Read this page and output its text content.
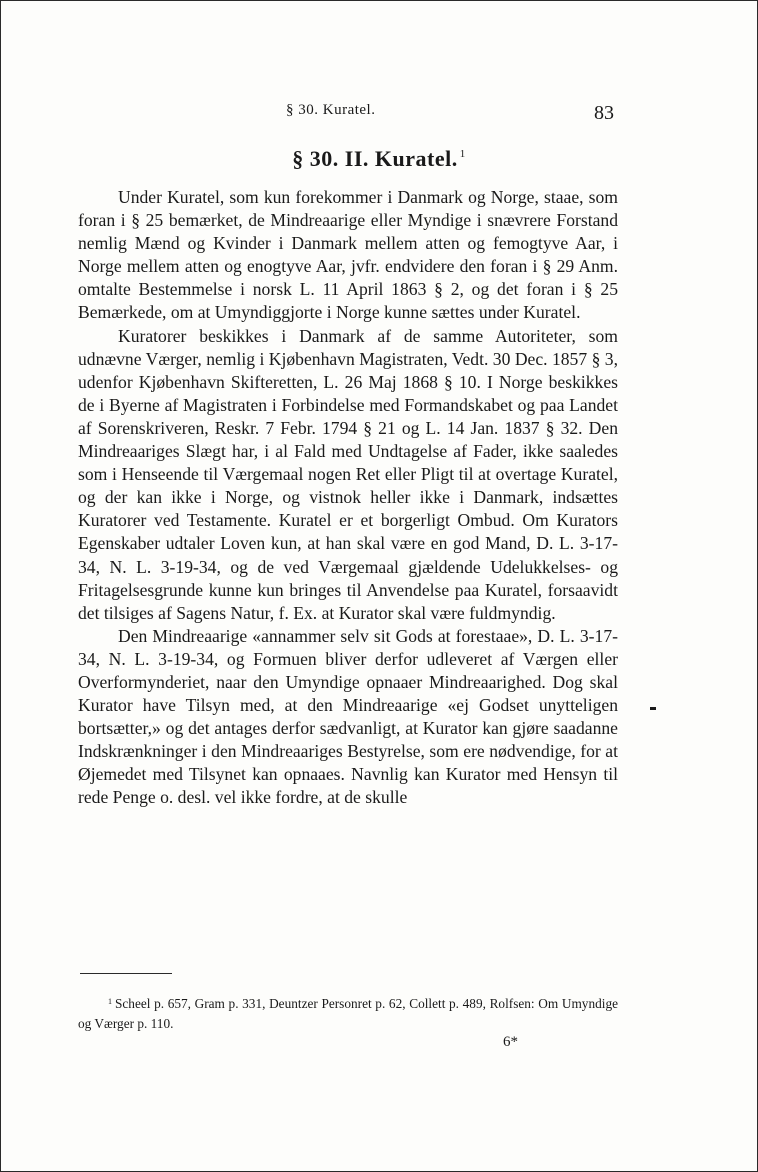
§ 30. Kuratel.	83
§ 30. II. Kuratel. $^1$

Under Kuratel, som kun forekommer i Danmark og Norge, staae, som foran i § 25 bemærket, de Mindreaarige eller Myndige i snævrere Forstand nemlig Mænd og Kvinder i Danmark mellem atten og femogtyve Aar, i Norge mellem atten og enogtyve Aar, jvfr. endvidere den foran i § 29 Anm. omtalte Bestemmelse i norsk L. 11 April 1863 § 2, og det foran i § 25 Bemærkede, om at Umyndiggjorte i Norge kunne sættes under Kuratel.

Kuratorer beskikkes i Danmark af de samme Autoriteter, som udnævne Værger, nemlig i Kjøbenhavn Magistraten, Vedt. 30 Dec. 1857 § 3, udenfor Kjøbenhavn Skifteretten, L. 26 Maj 1868 § 10. I Norge beskikkes de i Byerne af Magistraten i Forbindelse med Formandskabet og paa Landet af Sorenskriveren, Reskr. 7 Febr. 1794 § 21 og L. 14 Jan. 1837 § 32. Den Mindreaariges Slægt har, i al Fald med Undtagelse af Fader, ikke saaledes som i Henseende til Værgemaal nogen Ret eller Pligt til at overtage Kuratel, og der kan ikke i Norge, og vistnok heller ikke i Danmark, indsættes Kuratorer ved Testamente. Kuratel er et borgerligt Ombud. Om Kurators Egenskaber udtaler Loven kun, at han skal være en god Mand, D. L. 3-17-34, N. L. 3-19-34, og de ved Værgemaal gjældende Udelukkelses- og Fritagelsesgrunde kunne kun bringes til Anvendelse paa Kuratel, forsaavidt det tilsiges af Sagens Natur, f. Ex. at Kurator skal være fuldmyndig.

Den Mindreaarige «annammer selv sit Gods at forestaae», D. L. 3-17-34, N. L. 3-19-34, og Formuen bliver derfor udleveret af Værgen eller Overformynderiet, naar den Umyndige opnaaer Mindreaarighed. Dog skal Kurator have Tilsyn med, at den Mindreaarige «ej Godset unytteligen bortsætter,» og det antages derfor sædvanligt, at Kurator kan gjøre saadanne Indskrænkninger i den Mindreaariges Bestyrelse, som ere nødvendige, for at Øjemedet med Tilsynet kan opnaaes. Navnlig kan Kurator med Hensyn til rede Penge o. desl. vel ikke fordre, at de skulle

$^1$ Scheel p. 657, Gram p. 331, Deuntzer Personret p. 62, Collett p. 489, Rolfsen: Om Umyndige og Værger p. 110.

6*
